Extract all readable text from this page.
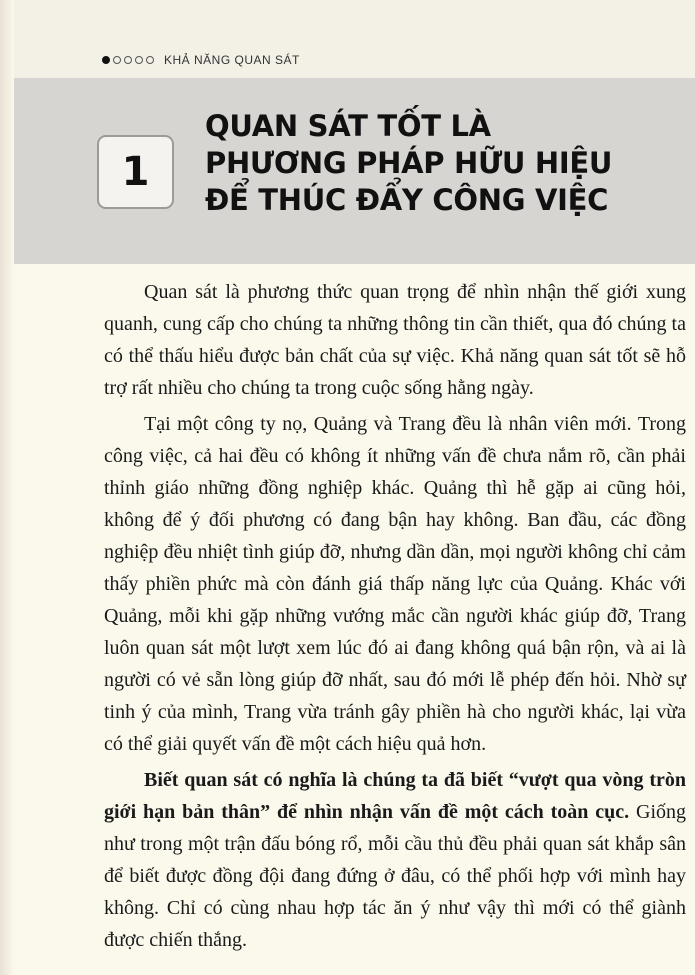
KHẢ NĂNG QUAN SÁT
1
QUAN SÁT TỐT LÀ
PHƯƠNG PHÁP HỮU HIỆU
ĐỂ THÚC ĐẨY CÔNG VIỆC

Quan sát là phương thức quan trọng để nhìn nhận thế giới xung quanh, cung cấp cho chúng ta những thông tin cần thiết, qua đó chúng ta có thể thấu hiểu được bản chất của sự việc. Khả năng quan sát tốt sẽ hỗ trợ rất nhiều cho chúng ta trong cuộc sống hằng ngày.

Tại một công ty nọ, Quảng và Trang đều là nhân viên mới. Trong công việc, cả hai đều có không ít những vấn đề chưa nắm rõ, cần phải thỉnh giáo những đồng nghiệp khác. Quảng thì hễ gặp ai cũng hỏi, không để ý đối phương có đang bận hay không. Ban đầu, các đồng nghiệp đều nhiệt tình giúp đỡ, nhưng dần dần, mọi người không chỉ cảm thấy phiền phức mà còn đánh giá thấp năng lực của Quảng. Khác với Quảng, mỗi khi gặp những vướng mắc cần người khác giúp đỡ, Trang luôn quan sát một lượt xem lúc đó ai đang không quá bận rộn, và ai là người có vẻ sẵn lòng giúp đỡ nhất, sau đó mới lễ phép đến hỏi. Nhờ sự tinh ý của mình, Trang vừa tránh gây phiền hà cho người khác, lại vừa có thể giải quyết vấn đề một cách hiệu quả hơn.

Biết quan sát có nghĩa là chúng ta đã biết “vượt qua vòng tròn giới hạn bản thân” để nhìn nhận vấn đề một cách toàn cục. Giống như trong một trận đấu bóng rổ, mỗi cầu thủ đều phải quan sát khắp sân để biết được đồng đội đang đứng ở đâu, có thể phối hợp với mình hay không. Chỉ có cùng nhau hợp tác ăn ý như vậy thì mới có thể giành được chiến thắng.
